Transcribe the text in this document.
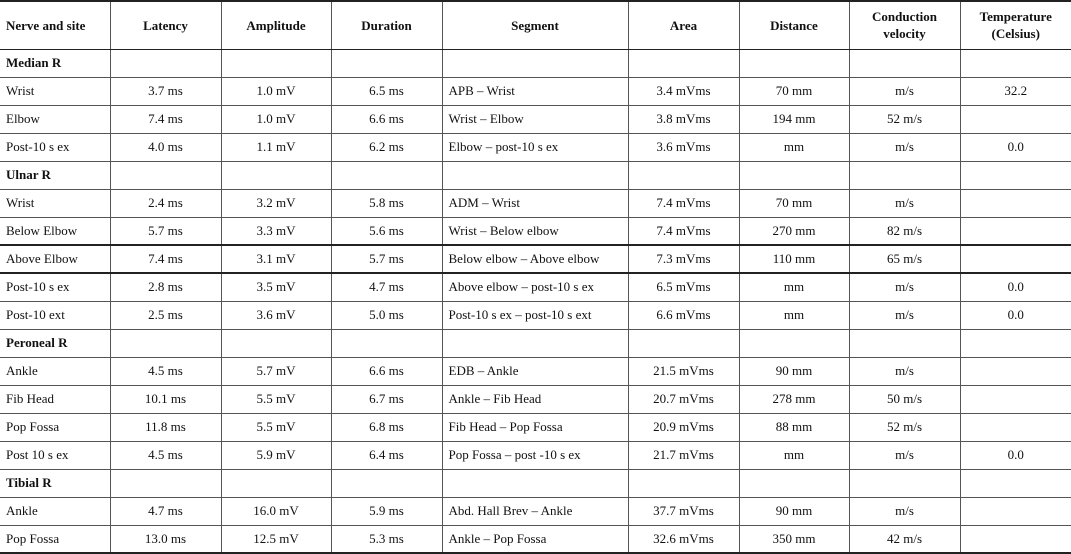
Nerve and site	Latency	Amplitude	Duration	Segment	Area	Distance	Conduction velocity	Temperature (Celsius)
Median R								
Wrist	3.7 ms	1.0 mV	6.5 ms	APB – Wrist	3.4 mVms	70 mm	m/s	32.2
Elbow	7.4 ms	1.0 mV	6.6 ms	Wrist – Elbow	3.8 mVms	194 mm	52 m/s	
Post-10 s ex	4.0 ms	1.1 mV	6.2 ms	Elbow – post-10 s ex	3.6 mVms	mm	m/s	0.0
Ulnar R								
Wrist	2.4 ms	3.2 mV	5.8 ms	ADM – Wrist	7.4 mVms	70 mm	m/s	
Below Elbow	5.7 ms	3.3 mV	5.6 ms	Wrist – Below elbow	7.4 mVms	270 mm	82 m/s	
Above Elbow	7.4 ms	3.1 mV	5.7 ms	Below elbow – Above elbow	7.3 mVms	110 mm	65 m/s	
Post-10 s ex	2.8 ms	3.5 mV	4.7 ms	Above elbow – post-10 s ex	6.5 mVms	mm	m/s	0.0
Post-10 ext	2.5 ms	3.6 mV	5.0 ms	Post-10 s ex – post-10 s ext	6.6 mVms	mm	m/s	0.0
Peroneal R								
Ankle	4.5 ms	5.7 mV	6.6 ms	EDB – Ankle	21.5 mVms	90 mm	m/s	
Fib Head	10.1 ms	5.5 mV	6.7 ms	Ankle – Fib Head	20.7 mVms	278 mm	50 m/s	
Pop Fossa	11.8 ms	5.5 mV	6.8 ms	Fib Head – Pop Fossa	20.9 mVms	88 mm	52 m/s	
Post 10 s ex	4.5 ms	5.9 mV	6.4 ms	Pop Fossa – post -10 s ex	21.7 mVms	mm	m/s	0.0
Tibial R								
Ankle	4.7 ms	16.0 mV	5.9 ms	Abd. Hall Brev – Ankle	37.7 mVms	90 mm	m/s	
Pop Fossa	13.0 ms	12.5 mV	5.3 ms	Ankle – Pop Fossa	32.6 mVms	350 mm	42 m/s	
